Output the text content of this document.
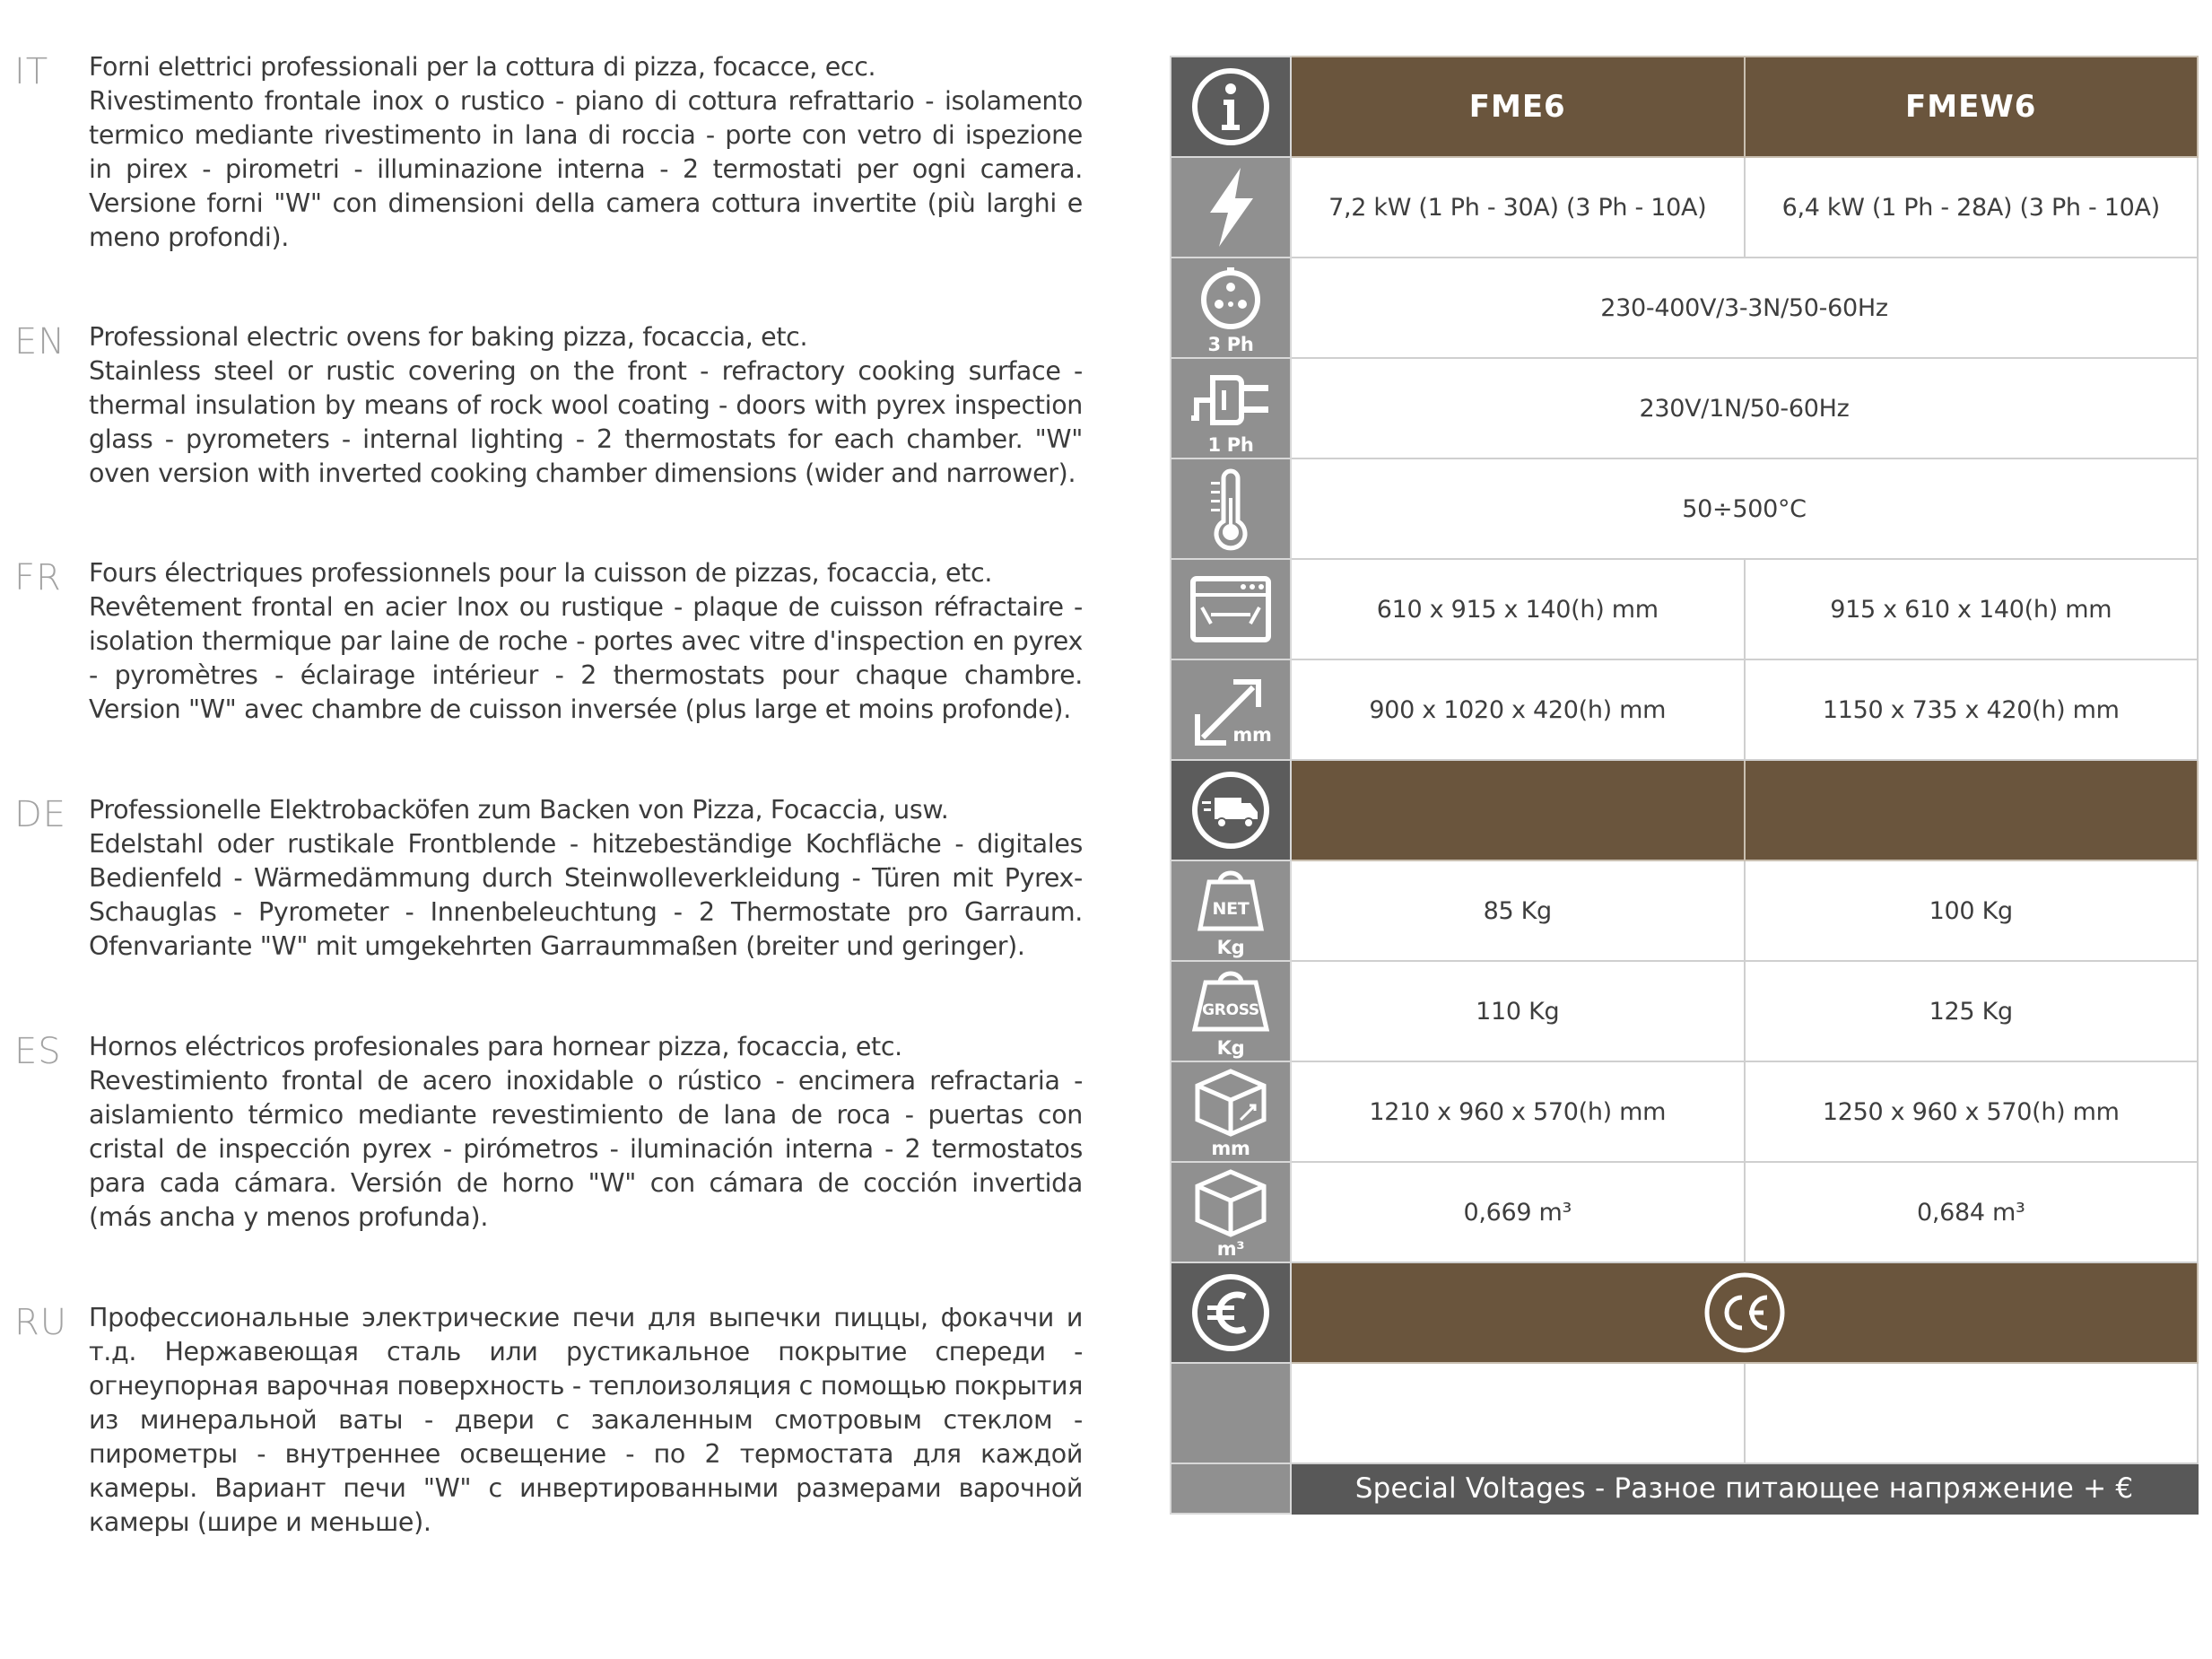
IT Forni elettrici professionali per la cottura di pizza, focacce, ecc.

Rivestimento frontale inox o rustico - piano di cottura refrattario - isolamento termico mediante rivestimento in lana di roccia - porte con vetro di ispezione in pirex - pirometri - illuminazione interna - 2 termostati per ogni camera. Versione forni "W" con dimensioni della camera cottura invertite (più larghi e meno profondi).

EN Professional electric ovens for baking pizza, focaccia, etc.

Stainless steel or rustic covering on the front - refractory cooking surface - thermal insulation by means of rock wool coating - doors with pyrex inspection glass - pyrometers - internal lighting - 2 thermostats for each chamber. "W" oven version with inverted cooking chamber dimensions (wider and narrower).

FR Fours électriques professionnels pour la cuisson de pizzas, focaccia, etc.

Revêtement frontal en acier Inox ou rustique - plaque de cuisson réfractaire - isolation thermique par laine de roche - portes avec vitre d'inspection en pyrex - pyromètres - éclairage intérieur - 2 thermostats pour chaque chambre. Version "W" avec chambre de cuisson inversée (plus large et moins profonde).

DE Professionelle Elektrobacköfen zum Backen von Pizza, Focaccia, usw.

Edelstahl oder rustikale Frontblende - hitzebeständige Kochfläche - digitales Bedienfeld - Wärmedämmung durch Steinwolleverkleidung - Türen mit Pyrex-Schauglas - Pyrometer - Innenbeleuchtung - 2 Thermostate pro Garraum. Ofenvariante "W" mit umgekehrten Garraummaßen (breiter und geringer).

ES Hornos eléctricos profesionales para hornear pizza, focaccia, etc.

Revestimiento frontal de acero inoxidable o rústico - encimera refractaria - aislamiento térmico mediante revestimiento de lana de roca - puertas con cristal de inspección pyrex - pirómetros - iluminación interna - 2 termostatos para cada cámara. Versión de horno "W" con cámara de cocción invertida (más ancha y menos profunda).

RU Профессиональные электрические печи для выпечки пиццы, фокаччи и т.д. Нержавеющая сталь или рустикальное покрытие спереди - огнеупорная варочная поверхность - теплоизоляция с помощью покрытия из минеральной ваты - двери с закаленным смотровым стеклом - пирометры - внутреннее освещение - по 2 термостата для каждой камеры. Вариант печи "W" с инвертированными размерами варочной камеры (шире и меньше).

	FME6	FMEW6

	7,2 kW (1 Ph - 30A) (3 Ph - 10A)	6,4 kW (1 Ph - 28A) (3 Ph - 10A)

3 Ph	230-400V/3-3N/50-60Hz	

1 Ph	230V/1N/50-60Hz	

	50÷500°C	

	610 x 915 x 140(h) mm	915 x 610 x 140(h) mm

mm	900 x 1020 x 420(h) mm	1150 x 735 x 420(h) mm

NET
Kg	85 Kg	100 Kg

GROSS
Kg	110 Kg	125 Kg

mm	1210 x 960 x 570(h) mm	1250 x 960 x 570(h) mm

m³	0,669 m³	0,684 m³

	Special Voltages - Разное питающее напряжение + €	
